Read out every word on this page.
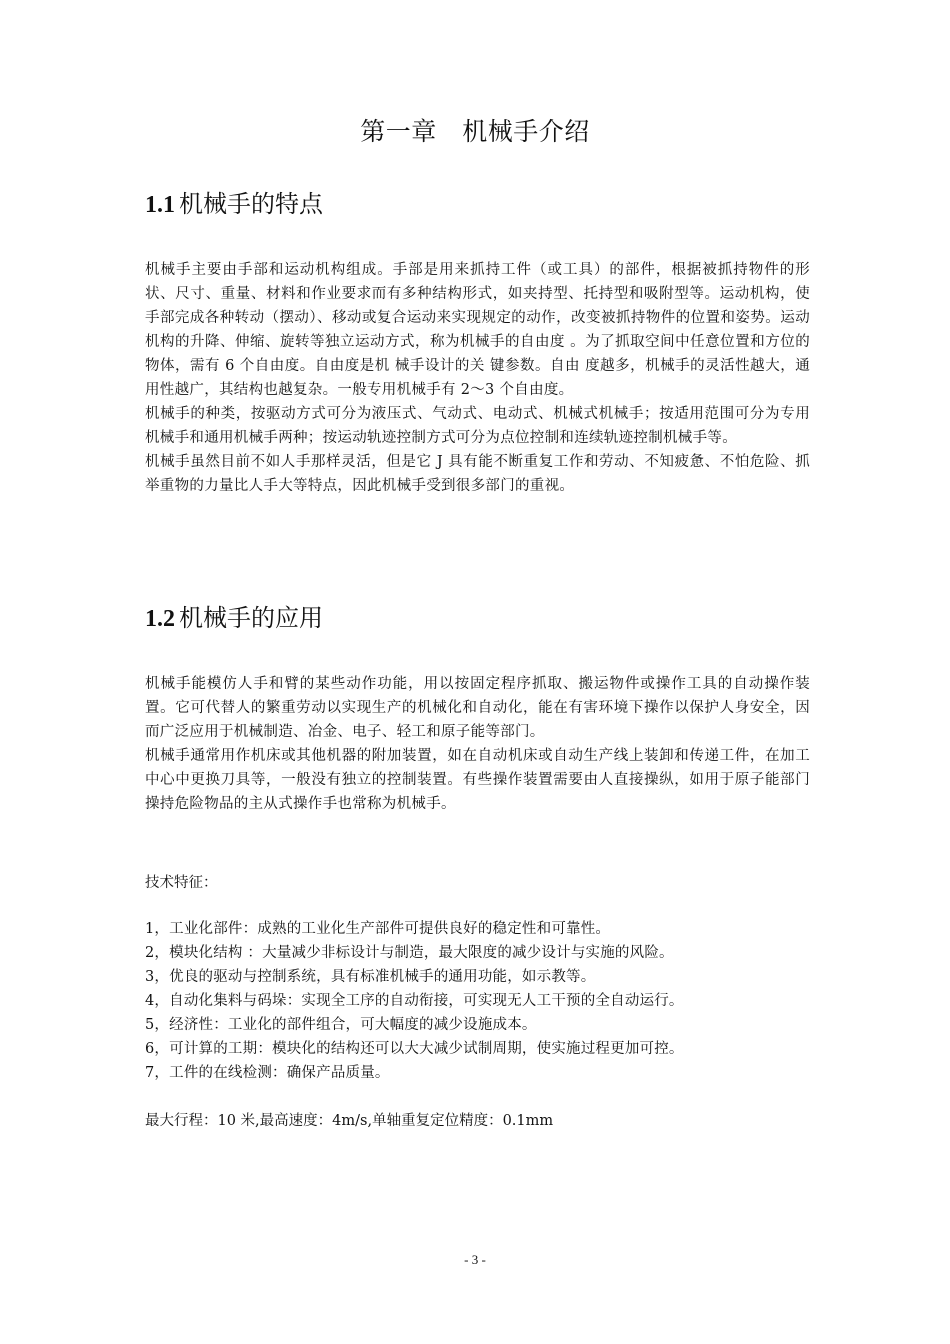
第一章　机械手介绍
1.1 机械手的特点

机械手主要由手部和运动机构组成。手部是用来抓持工件（或工具）的部件，根据被抓持物件的形状、尺寸、重量、材料和作业要求而有多种结构形式，如夹持型、托持型和吸附型等。运动机构，使手部完成各种转动（摆动）、移动或复合运动来实现规定的动作，改变被抓持物件的位置和姿势。运动机构的升降、伸缩、旋转等独立运动方式，称为机械手的自由度 。为了抓取空间中任意位置和方位的物体，需有 6 个自由度。自由度是机 械手设计的关 键参数。自由 度越多，机械手的灵活性越大，通用性越广，其结构也越复杂。一般专用机械手有 2～3 个自由度。

机械手的种类，按驱动方式可分为液压式、气动式、电动式、机械式机械手；按适用范围可分为专用机械手和通用机械手两种；按运动轨迹控制方式可分为点位控制和连续轨迹控制机械手等。

机械手虽然目前不如人手那样灵活，但是它 J 具有能不断重复工作和劳动、不知疲惫、不怕危险、抓举重物的力量比人手大等特点，因此机械手受到很多部门的重视。

1.2 机械手的应用

机械手能模仿人手和臂的某些动作功能，用以按固定程序抓取、搬运物件或操作工具的自动操作装置。它可代替人的繁重劳动以实现生产的机械化和自动化，能在有害环境下操作以保护人身安全，因而广泛应用于机械制造、冶金、电子、轻工和原子能等部门。

机械手通常用作机床或其他机器的附加装置，如在自动机床或自动生产线上装卸和传递工件，在加工中心中更换刀具等，一般没有独立的控制装置。有些操作装置需要由人直接操纵，如用于原子能部门操持危险物品的主从式操作手也常称为机械手。

技术特征：

1，工业化部件：成熟的工业化生产部件可提供良好的稳定性和可靠性。
2，模块化结构 ：大量减少非标设计与制造，最大限度的减少设计与实施的风险。
3，优良的驱动与控制系统，具有标准机械手的通用功能，如示教等。
4，自动化集料与码垛：实现全工序的自动衔接，可实现无人工干预的全自动运行。
5，经济性：工业化的部件组合，可大幅度的减少设施成本。
6，可计算的工期：模块化的结构还可以大大减少试制周期，使实施过程更加可控。
7，工件的在线检测：确保产品质量。

最大行程：10 米,最高速度：4m/s,单轴重复定位精度：0.1mm

- 3 -
